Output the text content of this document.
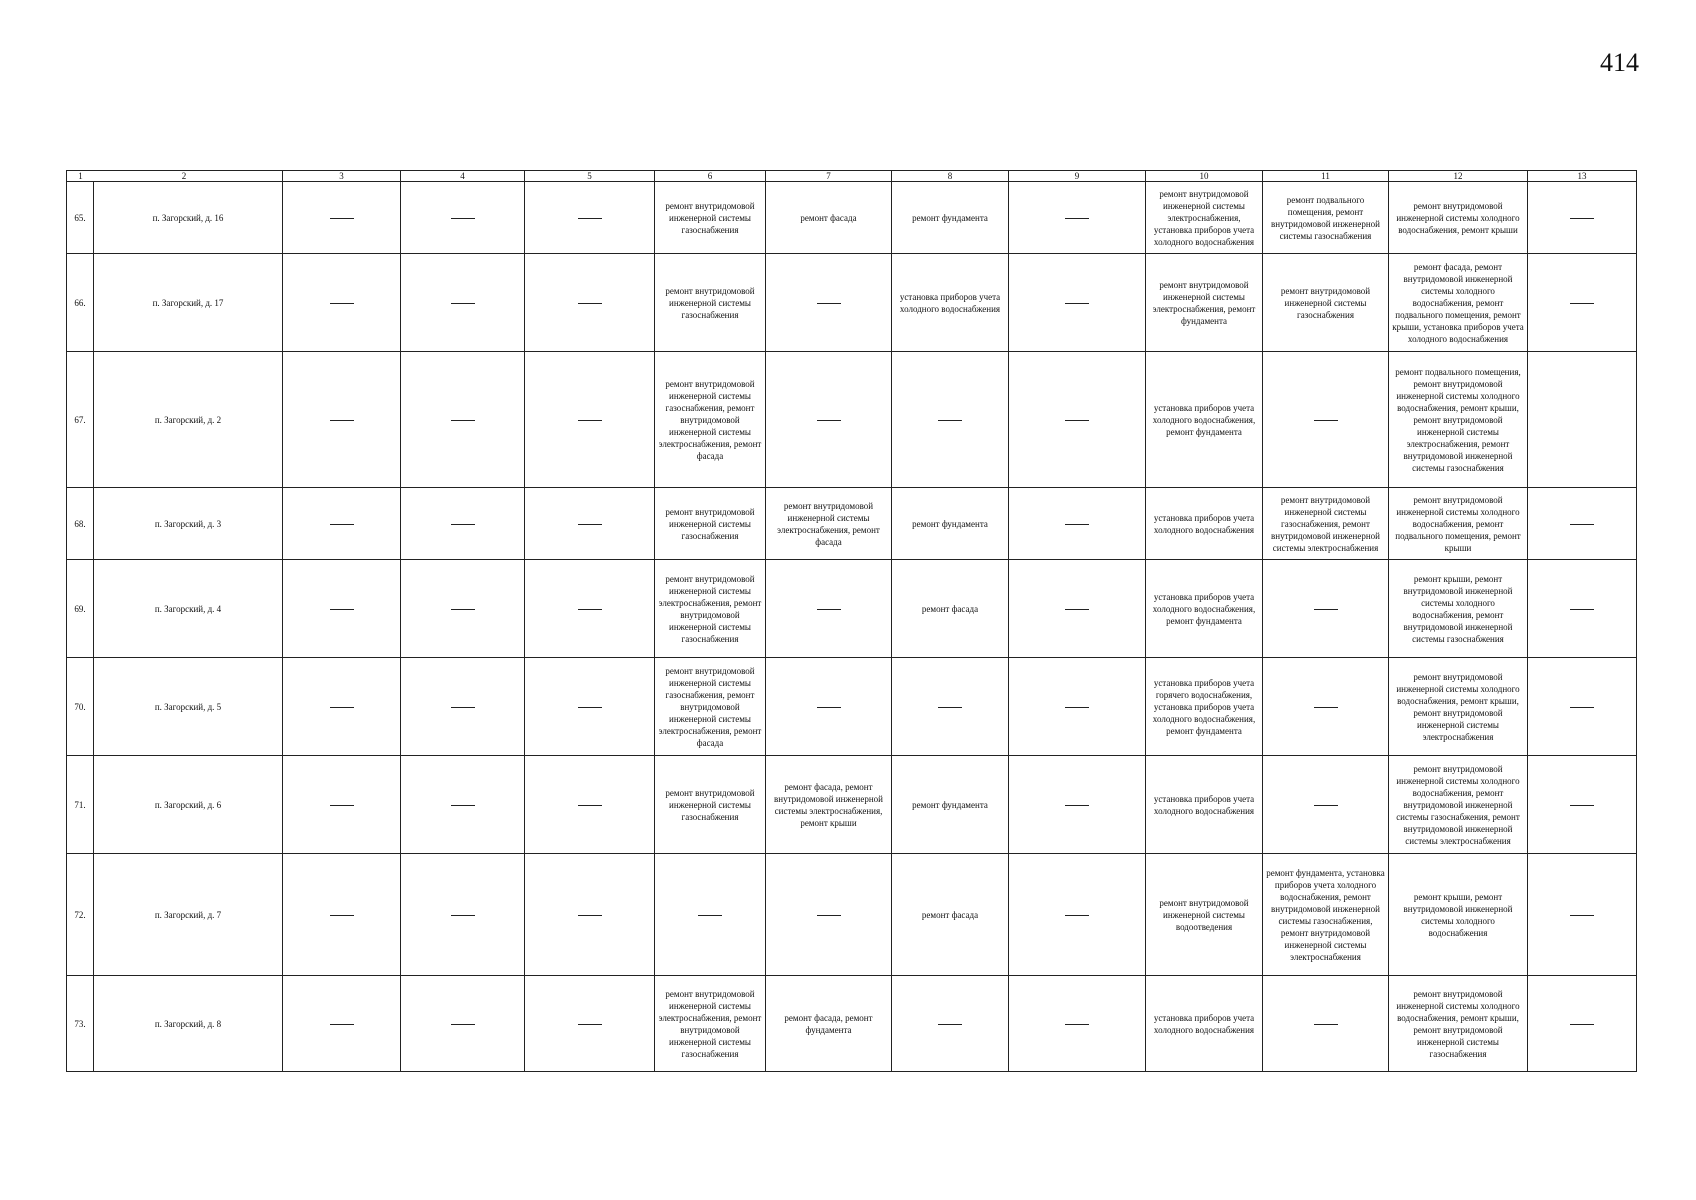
414
1 2		3	4	5	6	7	8	9	10	11	12	13
65.	п. Загорский, д. 16				ремонт внутридомовой инженерной системы газоснабжения	ремонт фасада	ремонт фундамента		ремонт внутридомовой инженерной системы электроснабжения, установка приборов учета холодного водоснабжения	ремонт подвального помещения, ремонт внутридомовой инженерной системы газоснабжения	ремонт внутридомовой инженерной системы холодного водоснабжения, ремонт крыши	
66.	п. Загорский, д. 17				ремонт внутридомовой инженерной системы газоснабжения		установка приборов учета холодного водоснабжения		ремонт внутридомовой инженерной системы электроснабжения, ремонт фундамента	ремонт внутридомовой инженерной системы газоснабжения	ремонт фасада, ремонт внутридомовой инженерной системы холодного водоснабжения, ремонт подвального помещения, ремонт крыши, установка приборов учета холодного водоснабжения	
67.	п. Загорский, д. 2				ремонт внутридомовой инженерной системы газоснабжения, ремонт внутридомовой инженерной системы электроснабжения, ремонт фасада				установка приборов учета холодного водоснабжения, ремонт фундамента		ремонт подвального помещения, ремонт внутридомовой инженерной системы холодного водоснабжения, ремонт крыши, ремонт внутридомовой инженерной системы электроснабжения, ремонт внутридомовой инженерной системы газоснабжения	
68.	п. Загорский, д. 3				ремонт внутридомовой инженерной системы газоснабжения	ремонт внутридомовой инженерной системы электроснабжения, ремонт фасада	ремонт фундамента		установка приборов учета холодного водоснабжения	ремонт внутридомовой инженерной системы газоснабжения, ремонт внутридомовой инженерной системы электроснабжения	ремонт внутридомовой инженерной системы холодного водоснабжения, ремонт подвального помещения, ремонт крыши	
69.	п. Загорский, д. 4				ремонт внутридомовой инженерной системы электроснабжения, ремонт внутридомовой инженерной системы газоснабжения		ремонт фасада		установка приборов учета холодного водоснабжения, ремонт фундамента		ремонт крыши, ремонт внутридомовой инженерной системы холодного водоснабжения, ремонт внутридомовой инженерной системы газоснабжения	
70.	п. Загорский, д. 5				ремонт внутридомовой инженерной системы газоснабжения, ремонт внутридомовой инженерной системы электроснабжения, ремонт фасада				установка приборов учета горячего водоснабжения, установка приборов учета холодного водоснабжения, ремонт фундамента		ремонт внутридомовой инженерной системы холодного водоснабжения, ремонт крыши, ремонт внутридомовой инженерной системы электроснабжения	
71.	п. Загорский, д. 6				ремонт внутридомовой инженерной системы газоснабжения	ремонт фасада, ремонт внутридомовой инженерной системы электроснабжения, ремонт крыши	ремонт фундамента		установка приборов учета холодного водоснабжения		ремонт внутридомовой инженерной системы холодного водоснабжения, ремонт внутридомовой инженерной системы газоснабжения, ремонт внутридомовой инженерной системы электроснабжения	
72.	п. Загорский, д. 7						ремонт фасада		ремонт внутридомовой инженерной системы водоотведения	ремонт фундамента, установка приборов учета холодного водоснабжения, ремонт внутридомовой инженерной системы газоснабжения, ремонт внутридомовой инженерной системы электроснабжения	ремонт крыши, ремонт внутридомовой инженерной системы холодного водоснабжения	
73.	п. Загорский, д. 8				ремонт внутридомовой инженерной системы электроснабжения, ремонт внутридомовой инженерной системы газоснабжения	ремонт фасада, ремонт фундамента			установка приборов учета холодного водоснабжения		ремонт внутридомовой инженерной системы холодного водоснабжения, ремонт крыши, ремонт внутридомовой инженерной системы газоснабжения	
